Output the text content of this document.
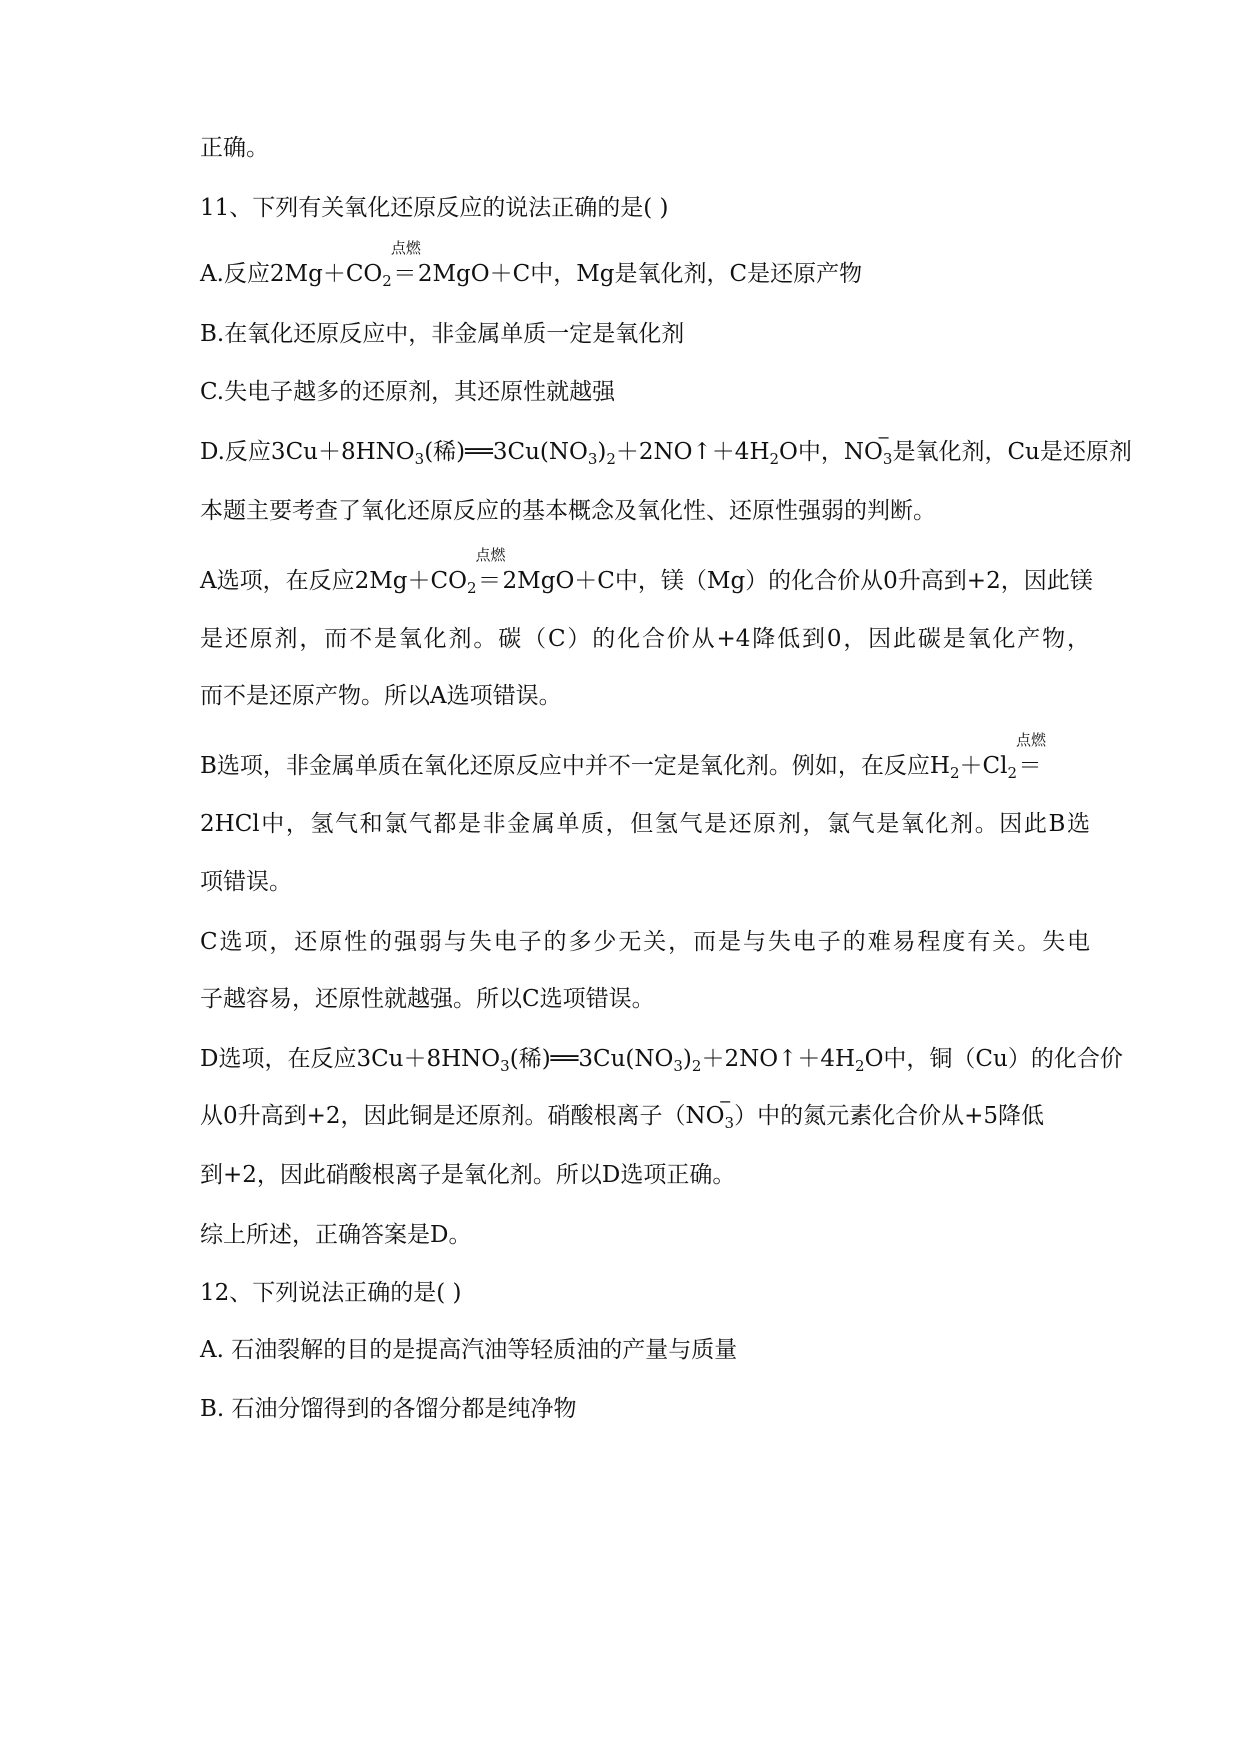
正确。
11、下列有关氧化还原反应的说法正确的是( )
A.反应$2Mg+CO_2$
点燃
＝2MgO＋C中，Mg是氧化剂，C是还原产物
B.在氧化还原反应中，非金属单质一定是氧化剂
C.失电子越多的还原剂，其还原性就越强
D.反应$3Cu+8HNO_3$(稀)$══3Cu(NO_3)_2+2NO↑+4H_2O$中，$NO_3$
−
是氧化剂，Cu是还原剂
本题主要考查了氧化还原反应的基本概念及氧化性、还原性强弱的判断。
A选项，在反应$2Mg+CO_2$
点燃
＝2MgO＋C中，镁（Mg）的化合价从0升高到+2，因此镁
是还原剂，而不是氧化剂。碳（C）的化合价从+4降低到0，因此碳是氧化产物，
而不是还原产物。所以A选项错误。
B选项，非金属单质在氧化还原反应中并不一定是氧化剂。例如，在反应$H_2+Cl_2$
点燃
＝
2HCl中，氢气和氯气都是非金属单质，但氢气是还原剂，氯气是氧化剂。因此B选
项错误。
C选项，还原性的强弱与失电子的多少无关，而是与失电子的难易程度有关。失电
子越容易，还原性就越强。所以C选项错误。
D选项，在反应$3Cu+8HNO_3$(稀)$══3Cu(NO_3)_2+2NO↑+4H_2O$中，铜（Cu）的化合价
从0升高到+2，因此铜是还原剂。硝酸根离子（$NO_3$
−
）中的氮元素化合价从+5降低
到+2，因此硝酸根离子是氧化剂。所以D选项正确。
综上所述，正确答案是D。
12、下列说法正确的是( )
A. 石油裂解的目的是提高汽油等轻质油的产量与质量
B. 石油分馏得到的各馏分都是纯净物
